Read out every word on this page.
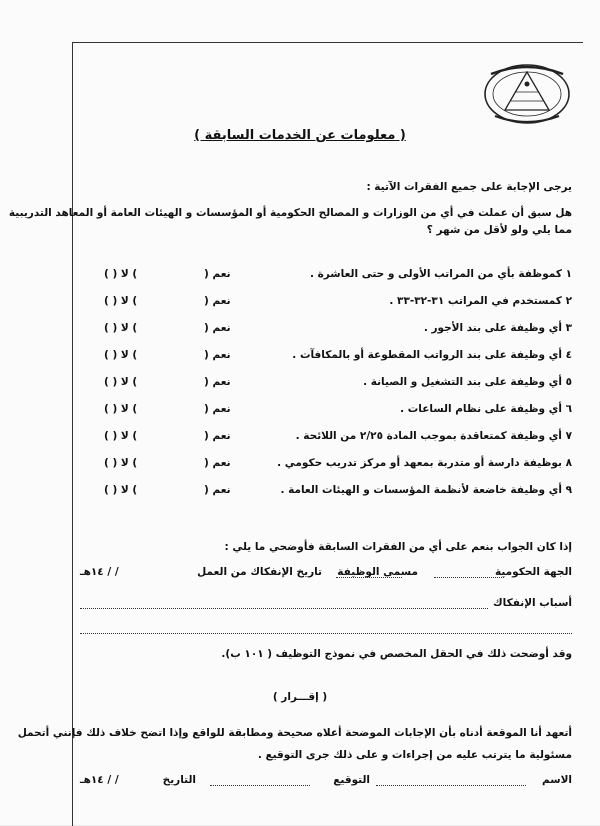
( معلومات عن الخدمات السابقة )
يرجى الإجابة على جميع الفقرات الآتية :
هل سبق أن عملت في أي من الوزارات و المصالح الحكومية أو المؤسسات و الهيئات العامة أو المعاهد التدريبية
مما يلي ولو لأقل من شهر ؟
١ كموظفة بأي من المراتب الأولى و حتى العاشرة .
نعم (
) لا ( )
٢ كمستخدم في المراتب ٣١-٣٢-٣٣ .
نعم (
) لا ( )
٣ أي وظيفة على بند الأجور .
نعم (
) لا ( )
٤ أي وظيفة على بند الرواتب المقطوعة أو بالمكافآت .
نعم (
) لا ( )
٥ أي وظيفة على بند التشغيل و الصيانة .
نعم (
) لا ( )
٦ أي وظيفة على نظام الساعات .
نعم (
) لا ( )
٧ أي وظيفة كمتعاقدة بموجب المادة ٢/٢٥ من اللائحة .
نعم (
) لا ( )
٨ بوظيفة دارسة أو متدربة بمعهد أو مركز تدريب حكومي .
نعم (
) لا ( )
٩ أي وظيفة خاضعة لأنظمة المؤسسات و الهيئات العامة .
نعم (
) لا ( )
إذا كان الجواب بنعم على أي من الفقرات السابقة فأوضحي ما يلي :
الجهة الحكومية
مسمى الوظيفة
تاريخ الإنفكاك من العمل
/ / ١٤هـ
أسباب الإنفكاك
وقد أوضحت ذلك في الحقل المخصص في نموذج التوظيف ( ١٠١ ب).
( إقـــرار )
أتعهد أنا الموقعة أدناه بأن الإجابات الموضحة أعلاه صحيحة ومطابقة للواقع وإذا اتضح خلاف ذلك فإنني أتحمل
مسئولية ما يترتب عليه من إجراءات و على ذلك جرى التوقيع .
الاسم
التوقيع
التاريخ
/ / ١٤هـ
